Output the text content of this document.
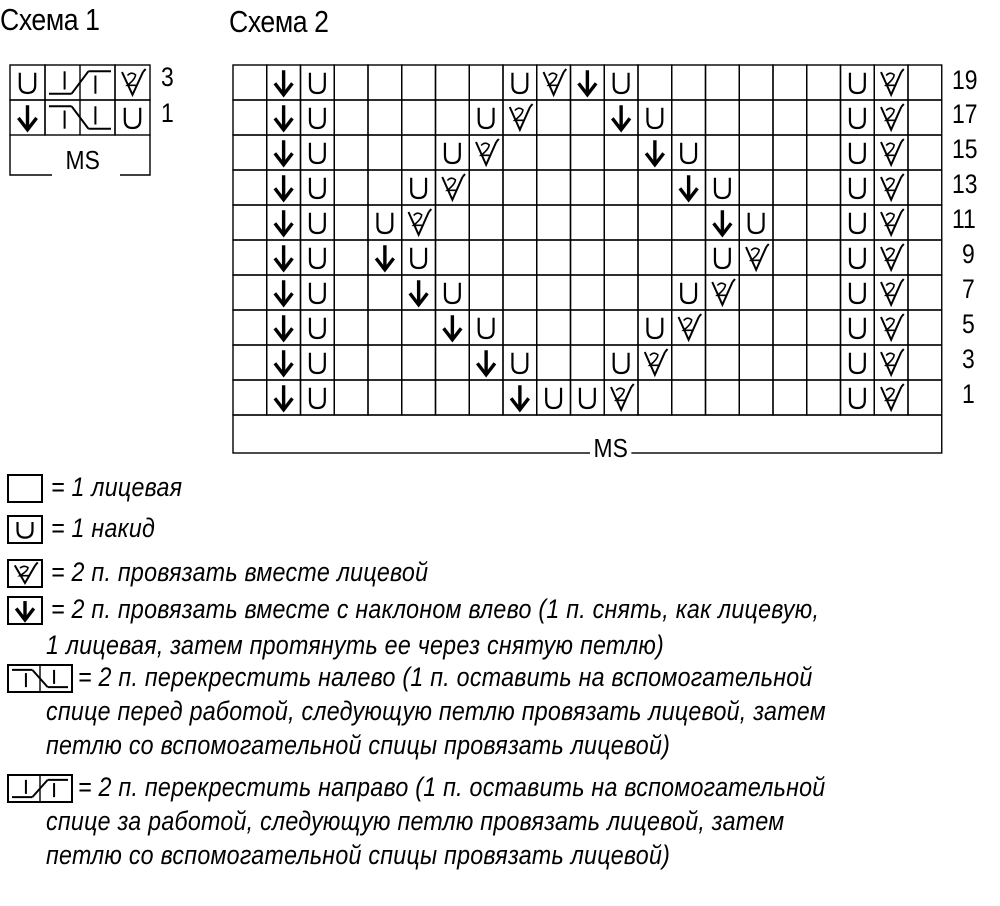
Схема 1	Схема 2
3
1
MS
MS
19
17
15
13
11
9
7
5
3
1
= 1 лицевая
= 1 накид
= 2 п. провязать вместе лицевой
= 2 п. провязать вместе с наклоном влево (1 п. снять, как лицевую,
1 лицевая, затем протянуть ее через снятую петлю)
= 2 п. перекрестить налево (1 п. оставить на вспомогательной
спице перед работой, следующую петлю провязать лицевой, затем
петлю со вспомогательной спицы провязать лицевой)
= 2 п. перекрестить направо (1 п. оставить на вспомогательной
спице за работой, следующую петлю провязать лицевой, затем
петлю со вспомогательной спицы провязать лицевой)
